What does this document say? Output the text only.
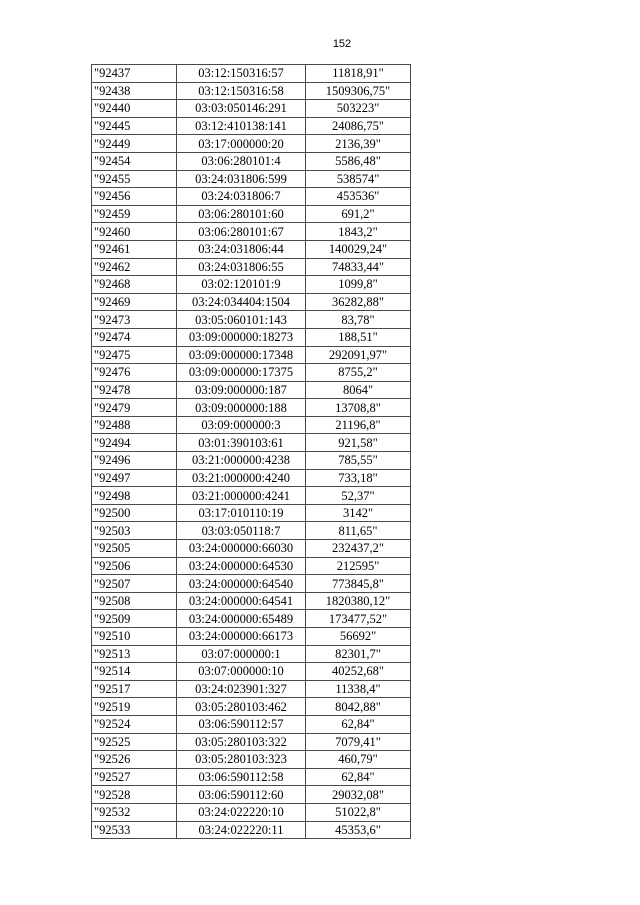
152
"92437	03:12:150316:57	11818,91"
"92438	03:12:150316:58	1509306,75"
"92440	03:03:050146:291	503223"
"92445	03:12:410138:141	24086,75"
"92449	03:17:000000:20	2136,39"
"92454	03:06:280101:4	5586,48"
"92455	03:24:031806:599	538574"
"92456	03:24:031806:7	453536"
"92459	03:06:280101:60	691,2"
"92460	03:06:280101:67	1843,2"
"92461	03:24:031806:44	140029,24"
"92462	03:24:031806:55	74833,44"
"92468	03:02:120101:9	1099,8"
"92469	03:24:034404:1504	36282,88"
"92473	03:05:060101:143	83,78"
"92474	03:09:000000:18273	188,51"
"92475	03:09:000000:17348	292091,97"
"92476	03:09:000000:17375	8755,2"
"92478	03:09:000000:187	8064"
"92479	03:09:000000:188	13708,8"
"92488	03:09:000000:3	21196,8"
"92494	03:01:390103:61	921,58"
"92496	03:21:000000:4238	785,55"
"92497	03:21:000000:4240	733,18"
"92498	03:21:000000:4241	52,37"
"92500	03:17:010110:19	3142"
"92503	03:03:050118:7	811,65"
"92505	03:24:000000:66030	232437,2"
"92506	03:24:000000:64530	212595"
"92507	03:24:000000:64540	773845,8"
"92508	03:24:000000:64541	1820380,12"
"92509	03:24:000000:65489	173477,52"
"92510	03:24:000000:66173	56692"
"92513	03:07:000000:1	82301,7"
"92514	03:07:000000:10	40252,68"
"92517	03:24:023901:327	11338,4"
"92519	03:05:280103:462	8042,88"
"92524	03:06:590112:57	62,84"
"92525	03:05:280103:322	7079,41"
"92526	03:05:280103:323	460,79"
"92527	03:06:590112:58	62,84"
"92528	03:06:590112:60	29032,08"
"92532	03:24:022220:10	51022,8"
"92533	03:24:022220:11	45353,6"
